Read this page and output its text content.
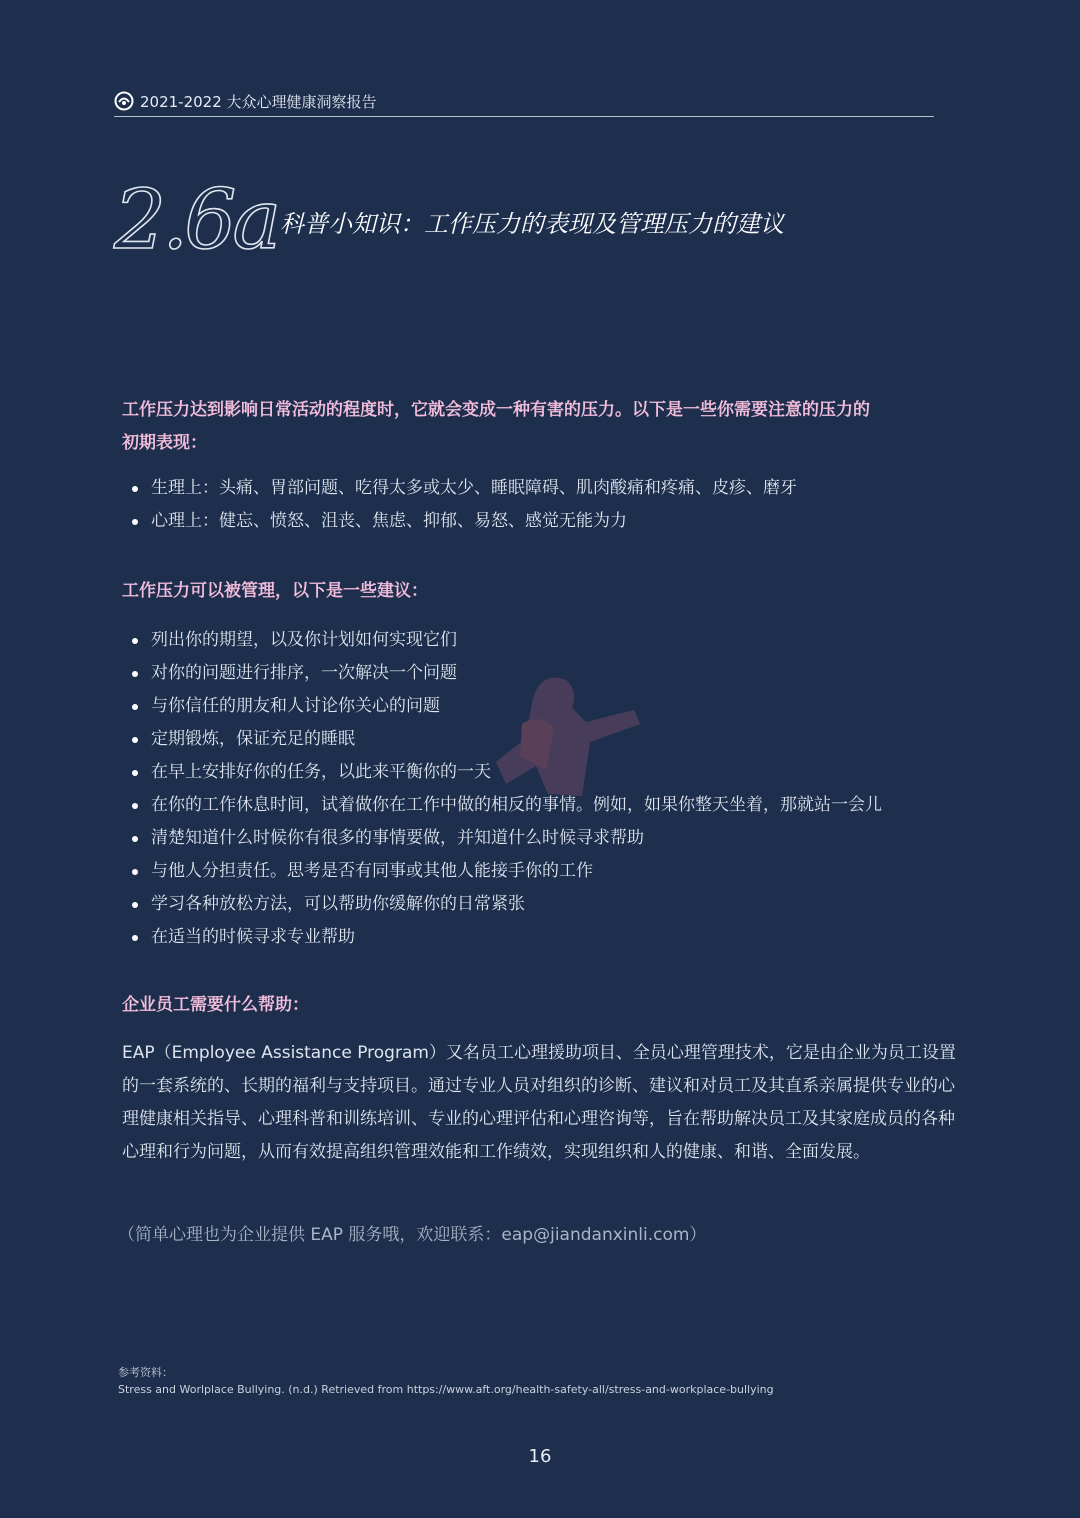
2021-2022 大众心理健康洞察报告
2.6a 科普小知识：工作压力的表现及管理压力的建议
工作压力达到影响日常活动的程度时，它就会变成一种有害的压力。以下是一些你需要注意的压力的初期表现：
生理上：头痛、胃部问题、吃得太多或太少、睡眠障碍、肌肉酸痛和疼痛、皮疹、磨牙
心理上：健忘、愤怒、沮丧、焦虑、抑郁、易怒、感觉无能为力
工作压力可以被管理，以下是一些建议：
列出你的期望，以及你计划如何实现它们
对你的问题进行排序，一次解决一个问题
与你信任的朋友和人讨论你关心的问题
定期锻炼，保证充足的睡眠
在早上安排好你的任务，以此来平衡你的一天
在你的工作休息时间，试着做你在工作中做的相反的事情。例如，如果你整天坐着，那就站一会儿
清楚知道什么时候你有很多的事情要做，并知道什么时候寻求帮助
与他人分担责任。思考是否有同事或其他人能接手你的工作
学习各种放松方法，可以帮助你缓解你的日常紧张
在适当的时候寻求专业帮助
企业员工需要什么帮助：
EAP（Employee Assistance Program）又名员工心理援助项目、全员心理管理技术，它是由企业为员工设置的一套系统的、长期的福利与支持项目。通过专业人员对组织的诊断、建议和对员工及其直系亲属提供专业的心理健康相关指导、心理科普和训练培训、专业的心理评估和心理咨询等，旨在帮助解决员工及其家庭成员的各种心理和行为问题，从而有效提高组织管理效能和工作绩效，实现组织和人的健康、和谐、全面发展。
（简单心理也为企业提供 EAP 服务哦，欢迎联系：eap@jiandanxinli.com）
参考资料：
Stress and Worlplace Bullying. (n.d.) Retrieved from https://www.aft.org/health-safety-all/stress-and-workplace-bullying
16
